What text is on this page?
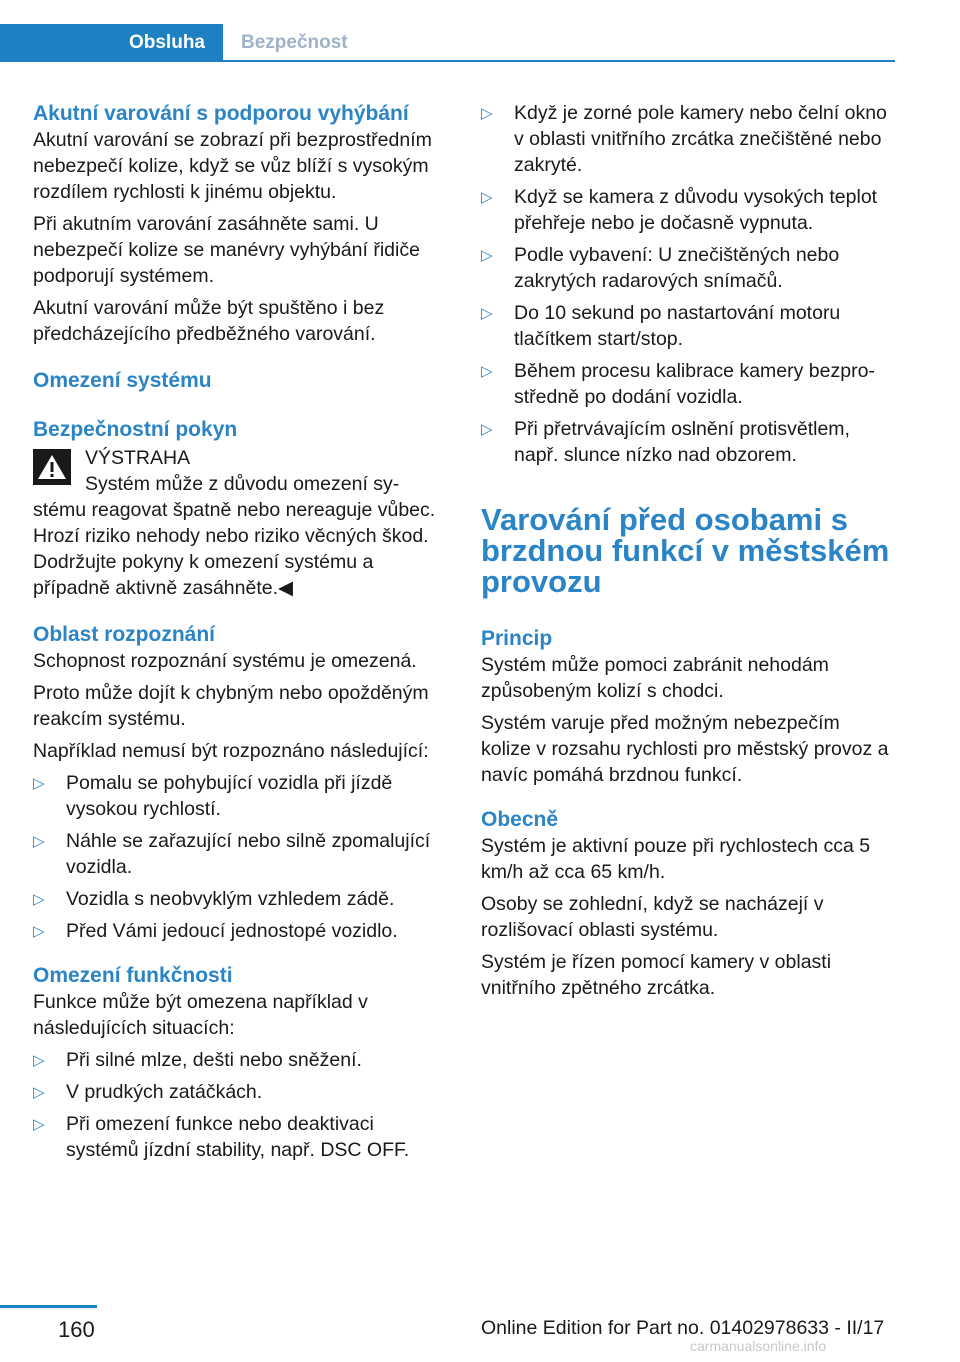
Obsluha	Bezpečnost
Akutní varování s podporou vyhýbání

Akutní varování se zobrazí při bezprostředním nebezpečí kolize, když se vůz blíží s vysokým rozdílem rychlosti k jinému objektu.

Při akutním varování zasáhněte sami. U nebezpečí kolize se manévry vyhýbání řidiče podporují systémem.

Akutní varování může být spuštěno i bez předcházejícího předběžného varování.

Omezení systému
Bezpečnostní pokyn
VÝSTRAHA
Systém může z důvodu omezení sy-
stému reagovat špatně nebo nereaguje vůbec. Hrozí riziko nehody nebo riziko věcných škod. Dodržujte pokyny k omezení systému a případně aktivně zasáhněte.◀
Oblast rozpoznání

Schopnost rozpoznání systému je omezená.

Proto může dojít k chybným nebo opožděným reakcím systému.

Například nemusí být rozpoznáno následující:

▷ Pomalu se pohybující vozidla při jízdě vysokou rychlostí.
▷ Náhle se zařazující nebo silně zpomalující vozidla.
▷ Vozidla s neobvyklým vzhledem zádě.
▷ Před Vámi jedoucí jednostopé vozidlo.
Omezení funkčnosti

Funkce může být omezena například v následujících situacích:

▷ Při silné mlze, dešti nebo sněžení.
▷ V prudkých zatáčkách.
▷ Při omezení funkce nebo deaktivaci systémů jízdní stability, např. DSC OFF.
▷ Když je zorné pole kamery nebo čelní okno v oblasti vnitřního zrcátka znečištěné nebo zakryté.
▷ Když se kamera z důvodu vysokých teplot přehřeje nebo je dočasně vypnuta.
▷ Podle vybavení: U znečištěných nebo zakrytých radarových snímačů.
▷ Do 10 sekund po nastartování motoru tlačítkem start/stop.
▷ Během procesu kalibrace kamery bezprostředně po dodání vozidla.
▷ Při přetrvávajícím oslnění protisvětlem, např. slunce nízko nad obzorem.
Varování před osobami s brzdnou funkcí v městském provozu
Princip

Systém může pomoci zabránit nehodám způsobeným kolizí s chodci.

Systém varuje před možným nebezpečím kolize v rozsahu rychlosti pro městský provoz a navíc pomáhá brzdnou funkcí.

Obecně

Systém je aktivní pouze při rychlostech cca 5 km/h až cca 65 km/h.

Osoby se zohlední, když se nacházejí v rozlišovací oblasti systému.

Systém je řízen pomocí kamery v oblasti vnitřního zpětného zrcátka.

160	Online Edition for Part no. 01402978633 - II/17
carmanualsonline.info
